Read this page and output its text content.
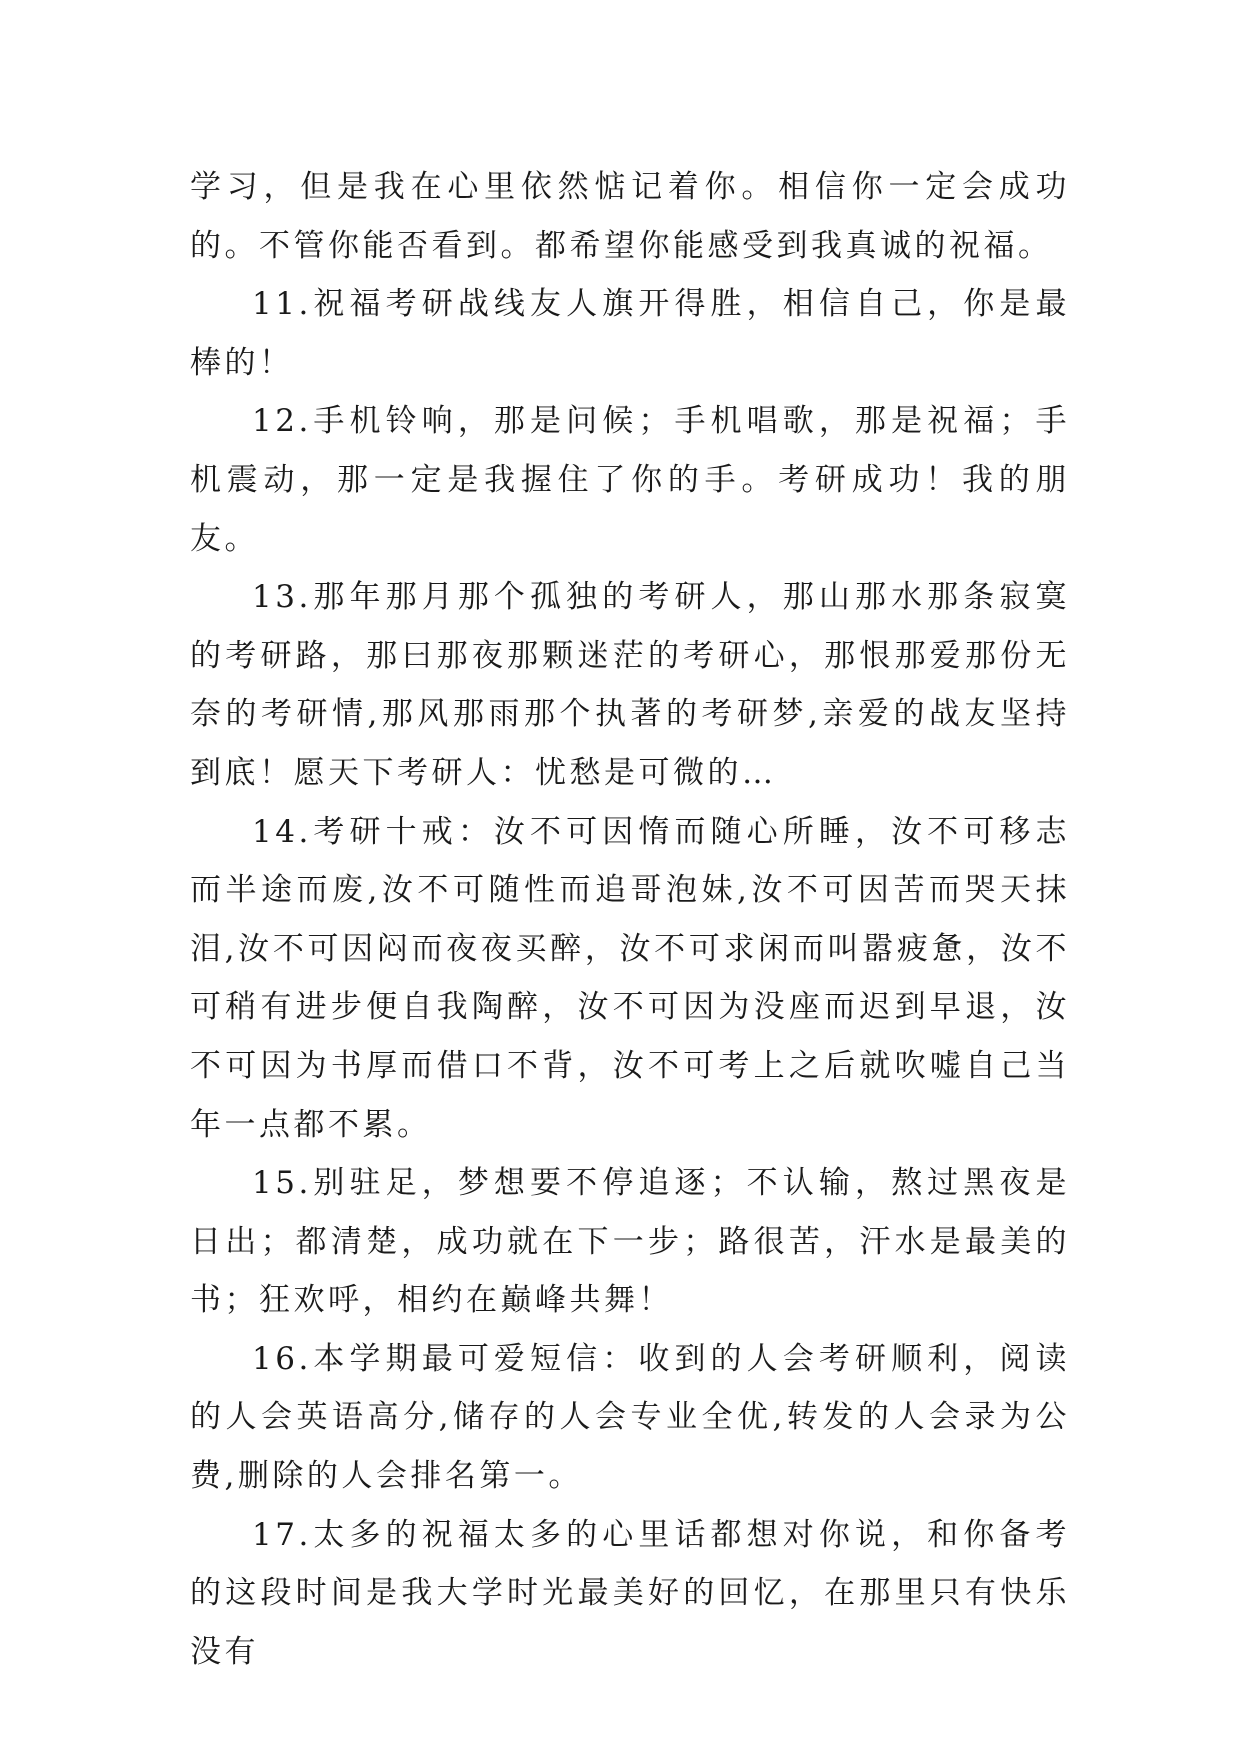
学习，但是我在心里依然惦记着你。相信你一定会成功的。不管你能否看到。都希望你能感受到我真诚的祝福。

11.祝福考研战线友人旗开得胜，相信自己，你是最棒的！

12.手机铃响，那是问候；手机唱歌，那是祝福；手机震动，那一定是我握住了你的手。考研成功！我的朋友。

13.那年那月那个孤独的考研人，那山那水那条寂寞的考研路，那曰那夜那颗迷茫的考研心，那恨那爱那份无奈的考研情,那风那雨那个执著的考研梦,亲爱的战友坚持到底！愿天下考研人：忧愁是可微的…

14.考研十戒：汝不可因惰而随心所睡，汝不可移志而半途而废,汝不可随性而追哥泡妹,汝不可因苦而哭天抹泪,汝不可因闷而夜夜买醉，汝不可求闲而叫嚣疲惫，汝不可稍有进步便自我陶醉，汝不可因为没座而迟到早退，汝不可因为书厚而借口不背，汝不可考上之后就吹嘘自己当年一点都不累。

15.别驻足，梦想要不停追逐；不认输，熬过黑夜是日出；都清楚，成功就在下一步；路很苦，汗水是最美的书；狂欢呼，相约在巅峰共舞！

16.本学期最可爱短信：收到的人会考研顺利，阅读的人会英语高分,储存的人会专业全优,转发的人会录为公费,删除的人会排名第一。

17.太多的祝福太多的心里话都想对你说，和你备考的这段时间是我大学时光最美好的回忆，在那里只有快乐没有
